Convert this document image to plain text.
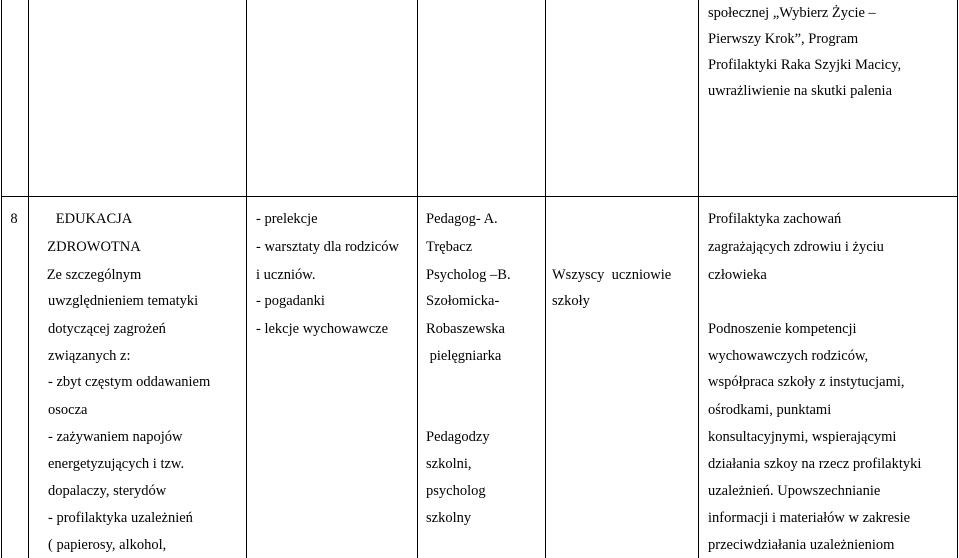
społecznej „Wybierz Życie –
Pierwszy Krok”, Program
Profilaktyki Raka Szyjki Macicy,
uwrażliwienie na skutki palenia
8	EDUKACJA
ZDROWOTNA
Ze szczególnym
uwzględnieniem tematyki
dotyczącej zagrożeń
związanych z:
- zbyt częstym oddawaniem
osocza
- zażywaniem napojów
energetyzujących i tzw.
dopalaczy, sterydów
- profilaktyka uzależnień
( papierosy, alkohol,
- prelekcje
- warsztaty dla rodziców
i uczniów.
- pogadanki
- lekcje wychowawcze
Pedagog- A.
Trębacz
Psycholog –B.
Szołomicka-
Robaszewska
pielęgniarka
Pedagodzy
szkolni,
psycholog
szkolny
Wszyscy  uczniowie
szkoły
Profilaktyka zachowań
zagrażających zdrowiu i życiu
człowieka
Podnoszenie kompetencji
wychowawczych rodziców,
współpraca szkoły z instytucjami,
ośrodkami, punktami
konsultacyjnymi, wspierającymi
działania szkoy na rzecz profilaktyki
uzależnień. Upowszechnianie
informacji i materiałów w zakresie
przeciwdziałania uzależnieniom
